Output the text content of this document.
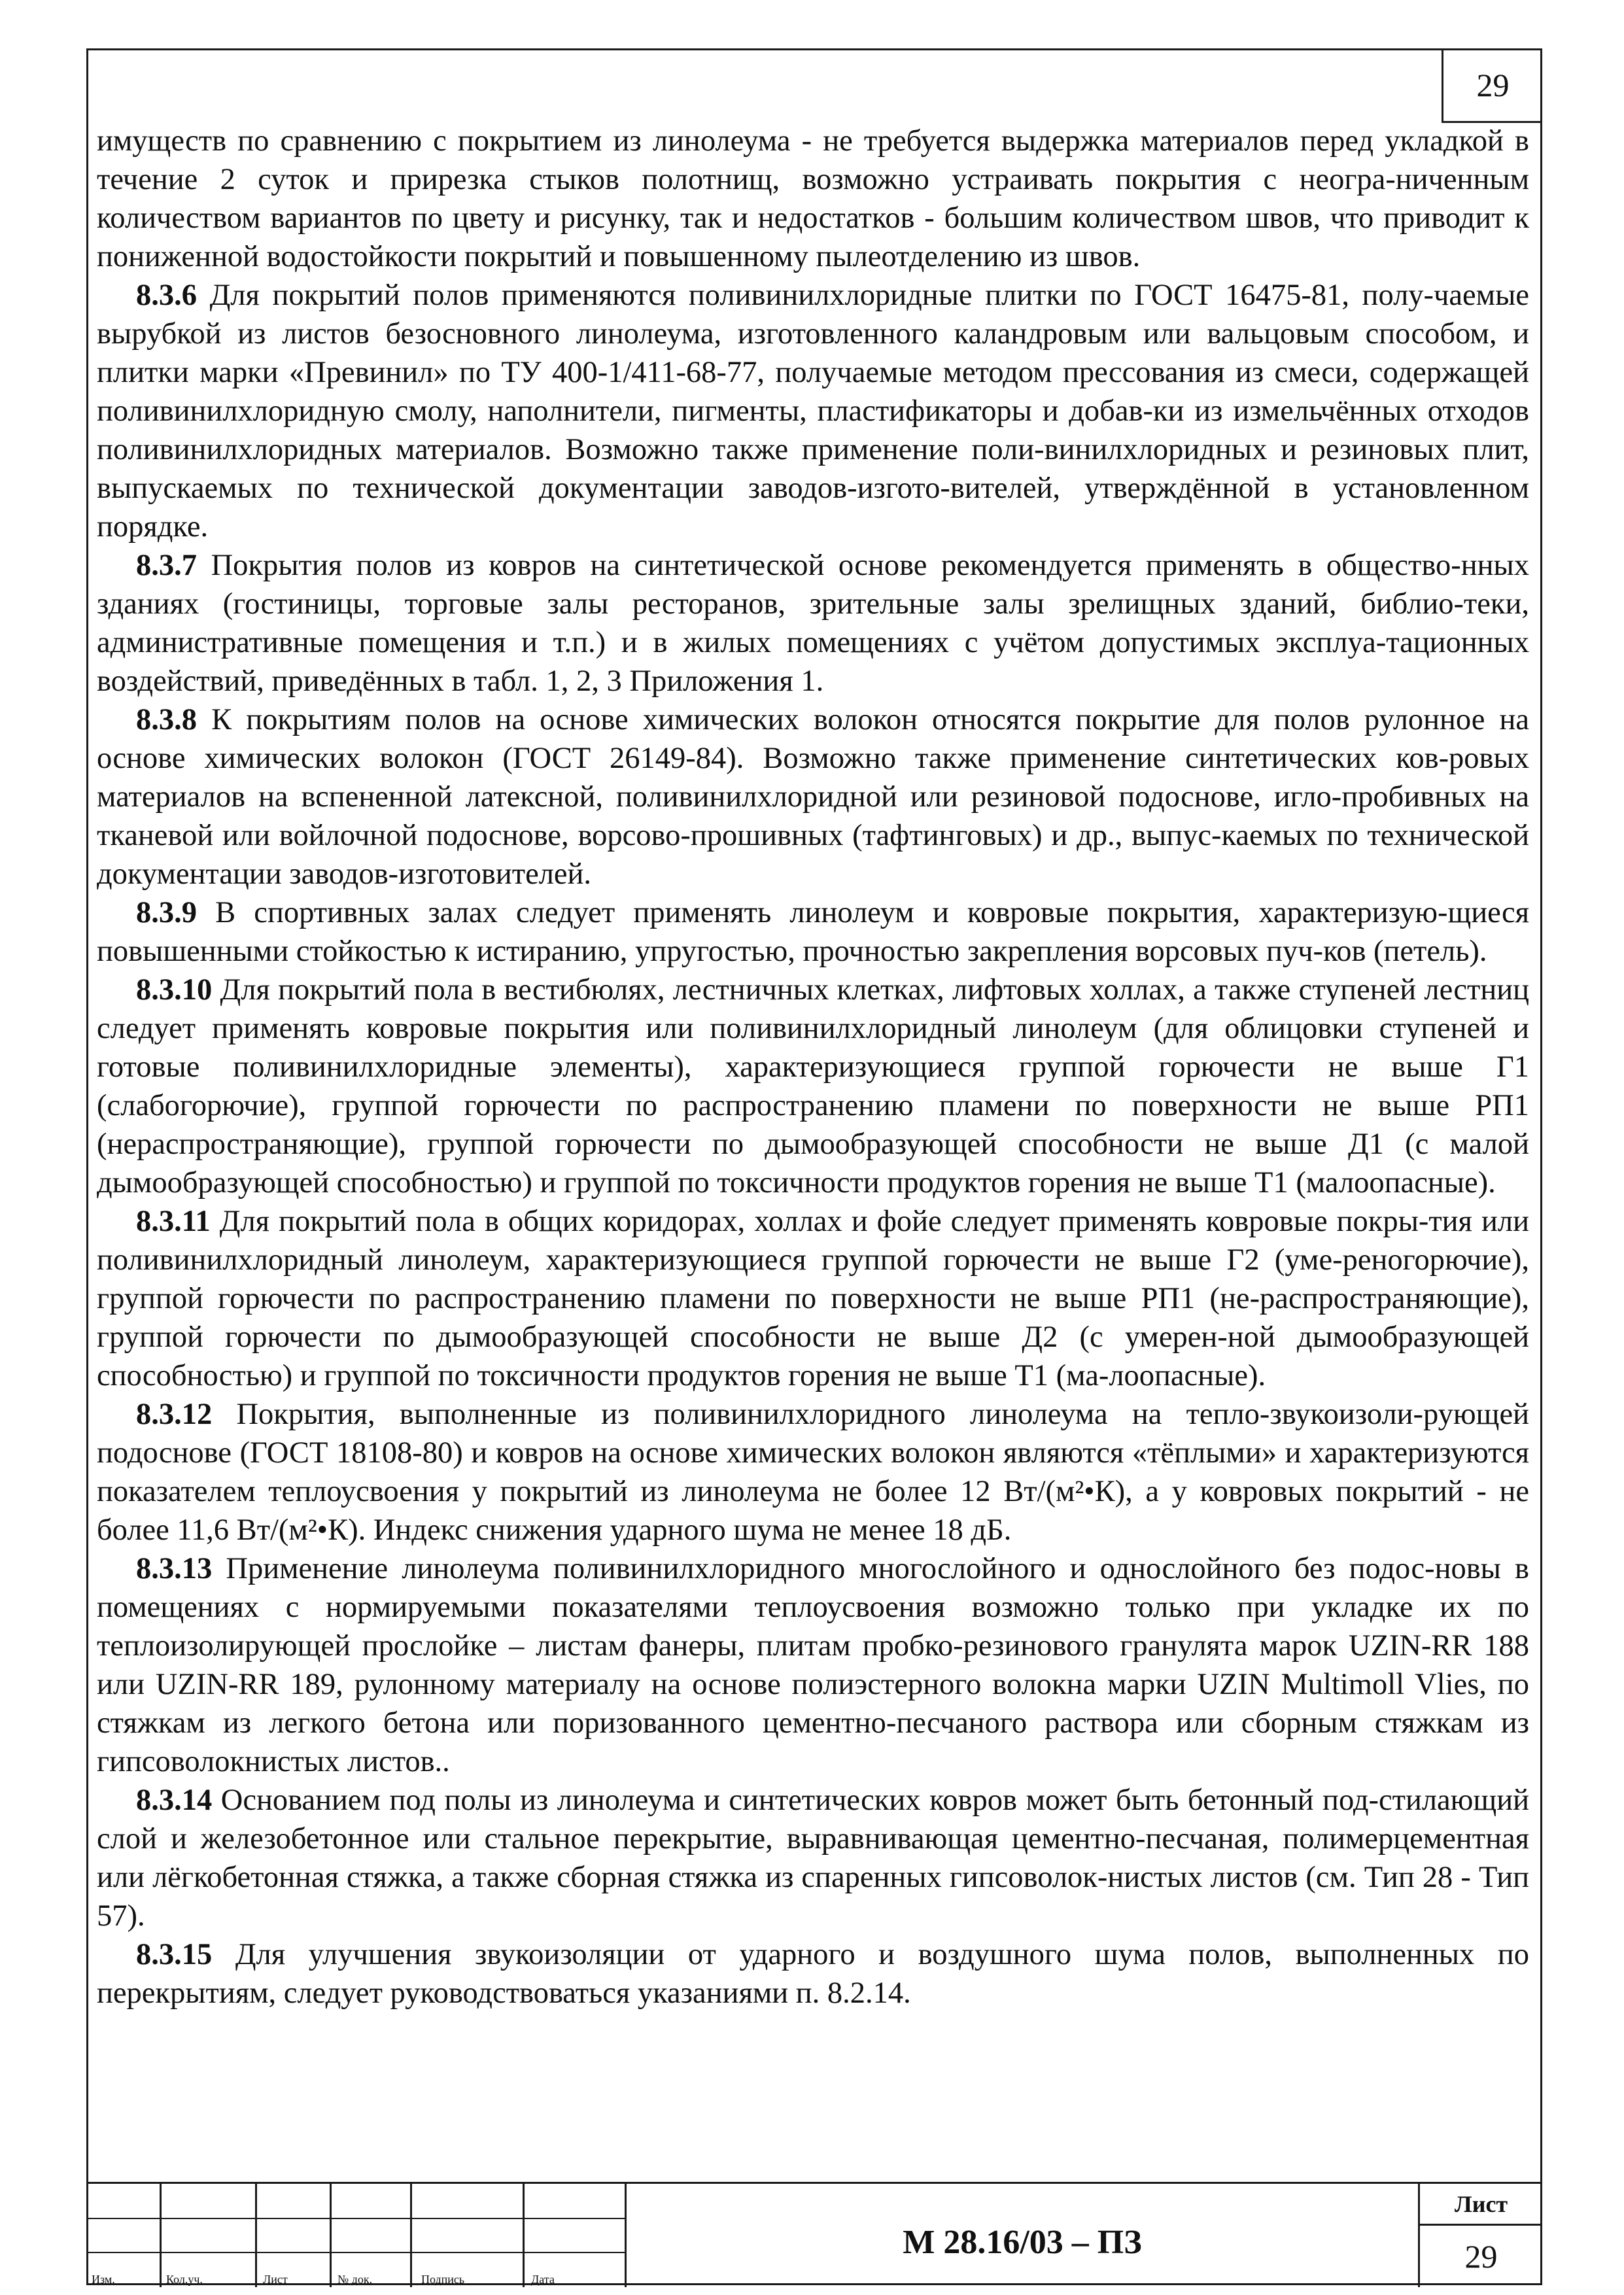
29

имуществ по сравнению с покрытием из линолеума - не требуется выдержка материалов перед укладкой в течение 2 суток и прирезка стыков полотнищ, возможно устраивать покрытия с неогра-ниченным количеством вариантов по цвету и рисунку, так и недостатков - большим количеством швов, что приводит к пониженной водостойкости покрытий и повышенному пылеотделению из швов.

8.3.6 Для покрытий полов применяются поливинилхлоридные плитки по ГОСТ 16475-81, полу-чаемые вырубкой из листов безосновного линолеума, изготовленного каландровым или вальцовым способом, и плитки марки «Превинил» по ТУ 400-1/411-68-77, получаемые методом прессования из смеси, содержащей поливинилхлоридную смолу, наполнители, пигменты, пластификаторы и добав-ки из измельчённых отходов поливинилхлоридных материалов. Возможно также применение поли-винилхлоридных и резиновых плит, выпускаемых по технической документации заводов-изгото-вителей, утверждённой в установленном порядке.

8.3.7 Покрытия полов из ковров на синтетической основе рекомендуется применять в общество-нных зданиях (гостиницы, торговые залы ресторанов, зрительные залы зрелищных зданий, библио-теки, административные помещения и т.п.) и в жилых помещениях с учётом допустимых эксплуа-тационных воздействий, приведённых в табл. 1, 2, 3 Приложения 1.

8.3.8 К покрытиям полов на основе химических волокон относятся покрытие для полов рулонное на основе химических волокон (ГОСТ 26149-84). Возможно также применение синтетических ков-ровых материалов на вспененной латексной, поливинилхлоридной или резиновой подоснове, игло-пробивных на тканевой или войлочной подоснове, ворсово-прошивных (тафтинговых) и др., выпус-каемых по технической документации заводов-изготовителей.

8.3.9 В спортивных залах следует применять линолеум и ковровые покрытия, характеризую-щиеся повышенными стойкостью к истиранию, упругостью, прочностью закрепления ворсовых пуч-ков (петель).

8.3.10 Для покрытий пола в вестибюлях, лестничных клетках, лифтовых холлах, а также ступеней лестниц следует применять ковровые покрытия или поливинилхлоридный линолеум (для облицовки ступеней и готовые поливинилхлоридные элементы), характеризующиеся группой горючести не выше Г1 (слабогорючие), группой горючести по распространению пламени по поверхности не выше РП1 (нераспространяющие), группой горючести по дымообразующей способности не выше Д1 (с малой дымообразующей способностью) и группой по токсичности продуктов горения не выше Т1 (малоопасные).

8.3.11 Для покрытий пола в общих коридорах, холлах и фойе следует применять ковровые покры-тия или поливинилхлоридный линолеум, характеризующиеся группой горючести не выше Г2 (уме-реногорючие), группой горючести по распространению пламени по поверхности не выше РП1 (не-распространяющие), группой горючести по дымообразующей способности не выше Д2 (с умерен-ной дымообразующей способностью) и группой по токсичности продуктов горения не выше Т1 (ма-лоопасные).

8.3.12 Покрытия, выполненные из поливинилхлоридного линолеума на тепло-звукоизоли-рующей подоснове (ГОСТ 18108-80) и ковров на основе химических волокон являются «тёплыми» и характеризуются показателем теплоусвоения у покрытий из линолеума не более 12 Вт/(м²•К), а у ковровых покрытий - не более 11,6 Вт/(м²•К). Индекс снижения ударного шума не менее 18 дБ.

8.3.13 Применение линолеума поливинилхлоридного многослойного и однослойного без подос-новы в помещениях с нормируемыми показателями теплоусвоения возможно только при укладке их по теплоизолирующей прослойке – листам фанеры, плитам пробко-резинового гранулята марок UZIN-RR 188 или UZIN-RR 189, рулонному материалу на основе полиэстерного волокна марки UZIN Multimoll Vlies, по стяжкам из легкого бетона или поризованного цементно-песчаного раствора или сборным стяжкам из гипсоволокнистых листов..

8.3.14 Основанием под полы из линолеума и синтетических ковров может быть бетонный под-стилающий слой и железобетонное или стальное перекрытие, выравнивающая цементно-песчаная, полимерцементная или лёгкобетонная стяжка, а также сборная стяжка из спаренных гипсоволок-нистых листов (см. Тип 28 - Тип 57).

8.3.15 Для улучшения звукоизоляции от ударного и воздушного шума полов, выполненных по перекрытиям, следует руководствоваться указаниями п. 8.2.14.

Изм.	Кол.уч.	Лист	№ док.	Подпись	Дата
М 28.16/03 – ПЗ
Лист
29
